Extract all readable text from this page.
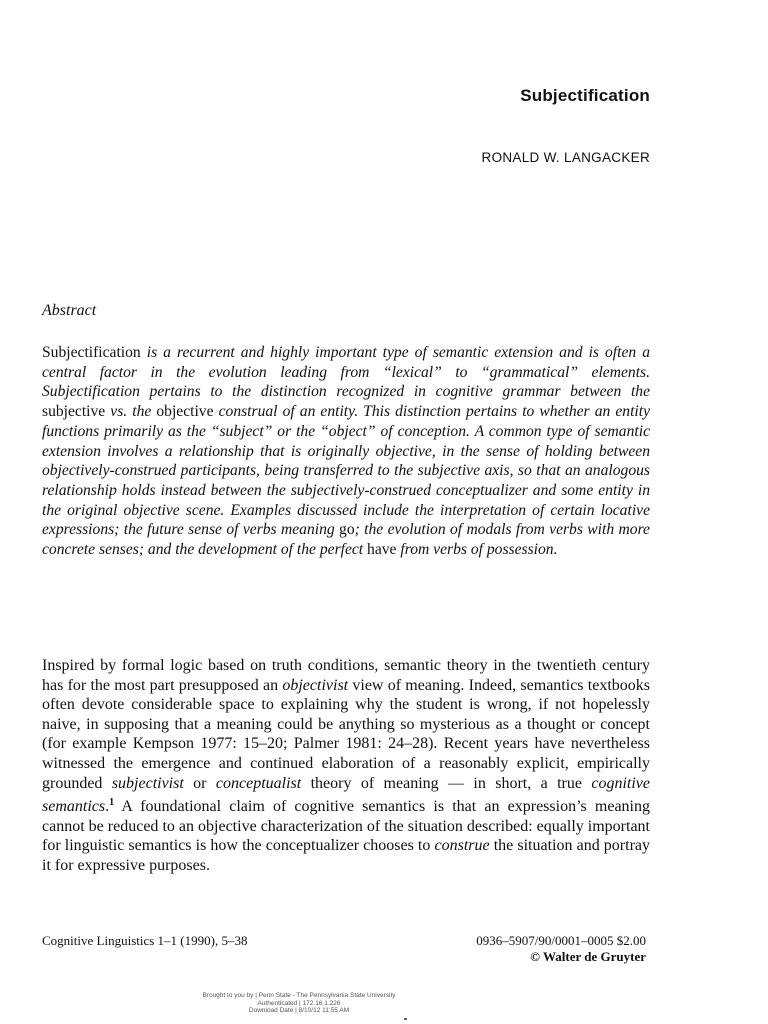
Subjectification
RONALD W. LANGACKER
Abstract
Subjectification is a recurrent and highly important type of semantic extension and is often a central factor in the evolution leading from “lexical” to “grammatical” elements. Subjectification pertains to the distinction recognized in cognitive grammar between the subjective vs. the objective construal of an entity. This distinction pertains to whether an entity functions primarily as the “subject” or the “object” of conception. A common type of semantic extension involves a relationship that is originally objective, in the sense of holding between objectively-construed participants, being transferred to the subjective axis, so that an analogous relationship holds instead between the subjectively-construed conceptualizer and some entity in the original objective scene. Examples discussed include the interpretation of certain locative expressions; the future sense of verbs meaning go; the evolution of modals from verbs with more concrete senses; and the development of the perfect have from verbs of possession.
Inspired by formal logic based on truth conditions, semantic theory in the twentieth century has for the most part presupposed an objectivist view of meaning. Indeed, semantics textbooks often devote considerable space to explaining why the student is wrong, if not hopelessly naive, in supposing that a meaning could be anything so mysterious as a thought or concept (for example Kempson 1977: 15–20; Palmer 1981: 24–28). Recent years have nevertheless witnessed the emergence and continued elaboration of a reasonably explicit, empirically grounded subjectivist or conceptualist theory of meaning — in short, a true cognitive semantics.$^1$ A foundational claim of cognitive semantics is that an expression’s meaning cannot be reduced to an objective characterization of the situation described: equally important for linguistic semantics is how the conceptualizer chooses to construe the situation and portray it for expressive purposes.
Cognitive Linguistics 1–1 (1990), 5–38	0936–5907/90/0001–0005 $2.00
© Walter de Gruyter
Brought to you by | Penn State - The Pennsylvania State University
Authenticated | 172.16.1.226
Download Date | 8/10/12 11:55 AM
